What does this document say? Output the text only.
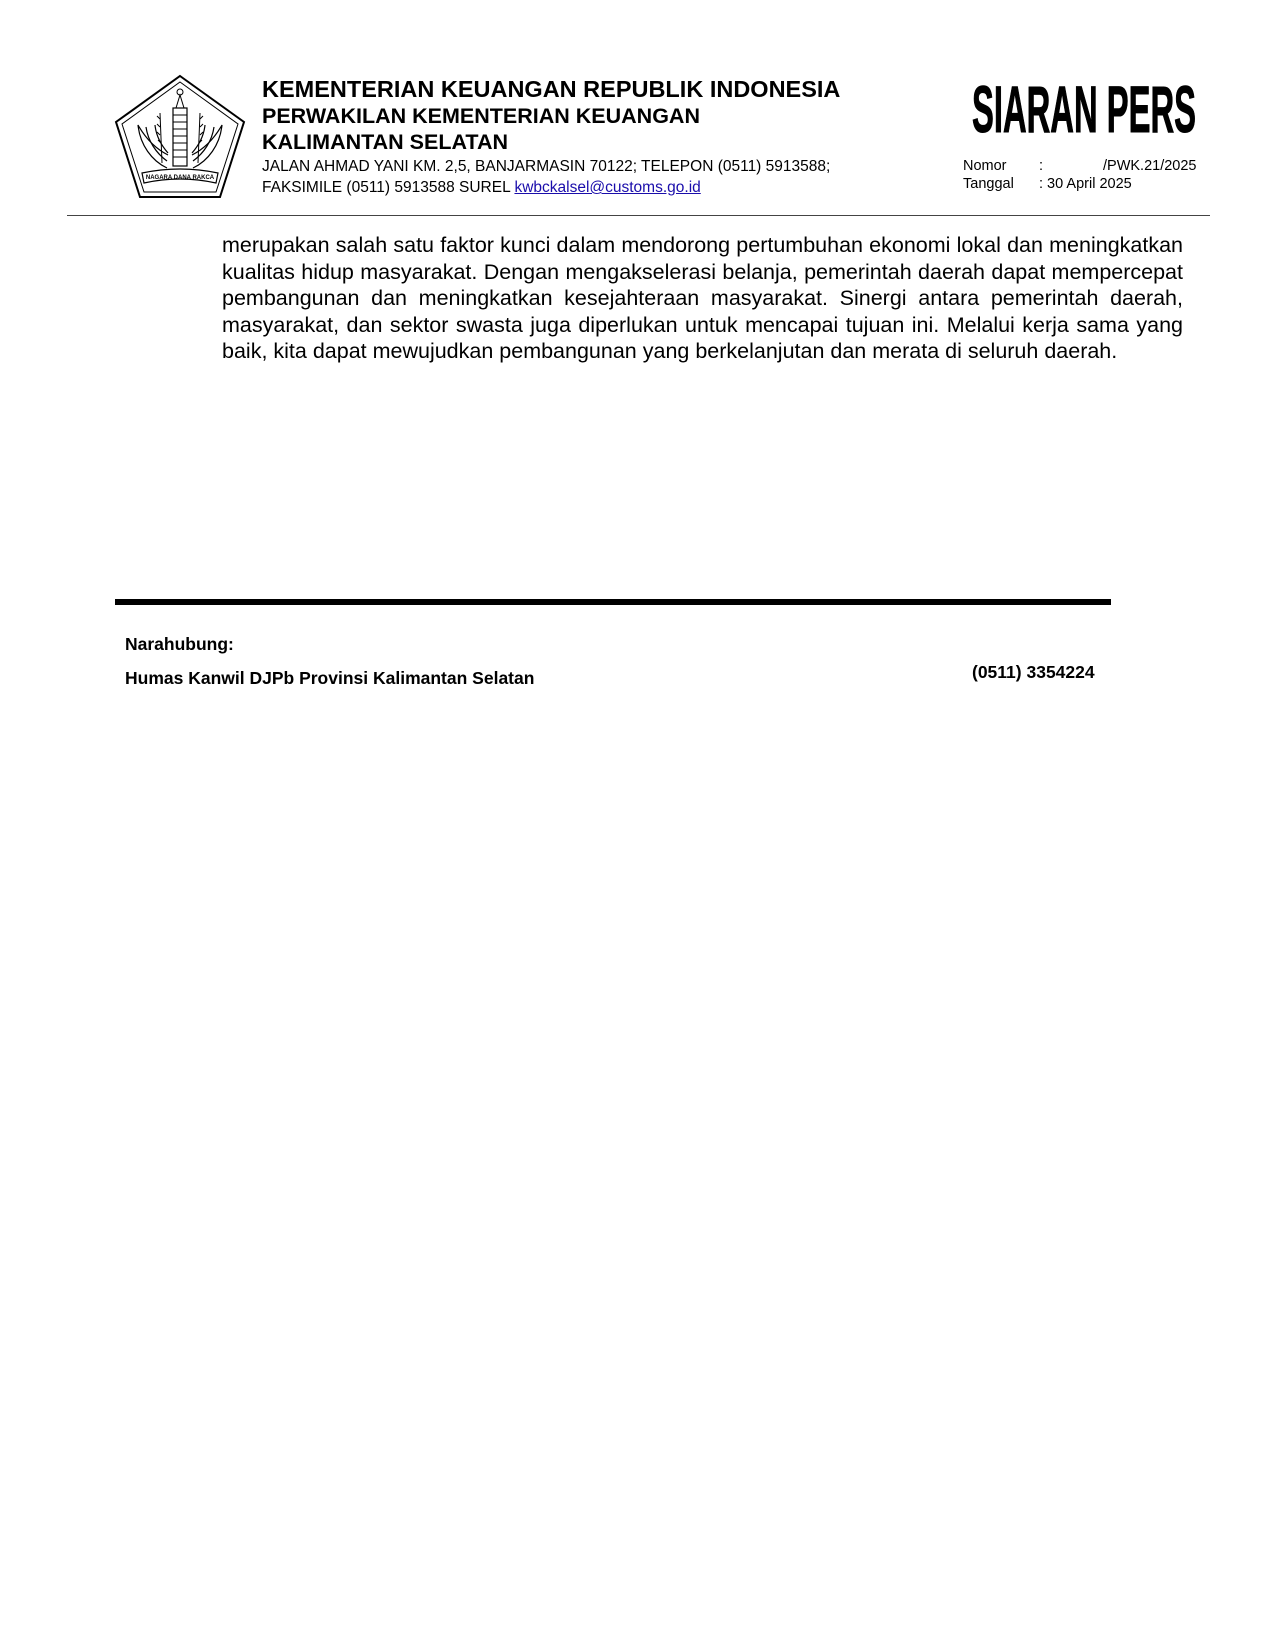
NAGARA DANA RAKCA
KEMENTERIAN KEUANGAN REPUBLIK INDONESIA
PERWAKILAN KEMENTERIAN KEUANGAN
KALIMANTAN SELATAN
JALAN AHMAD YANI KM. 2,5, BANJARMASIN 70122; TELEPON (0511) 5913588;
FAKSIMILE (0511) 5913588 SUREL kwbckalsel@customs.go.id
SIARAN PERS
Nomor :	/PWK.21/2025
Tanggal : 30 April 2025
merupakan salah satu faktor kunci dalam mendorong pertumbuhan ekonomi lokal dan meningkatkan kualitas hidup masyarakat. Dengan mengakselerasi belanja, pemerintah daerah dapat mempercepat pembangunan dan meningkatkan kesejahteraan masyarakat. Sinergi antara pemerintah daerah, masyarakat, dan sektor swasta juga diperlukan untuk mencapai tujuan ini. Melalui kerja sama yang baik, kita dapat mewujudkan pembangunan yang berkelanjutan dan merata di seluruh daerah.
Narahubung:
Humas Kanwil DJPb Provinsi Kalimantan Selatan	(0511) 3354224
